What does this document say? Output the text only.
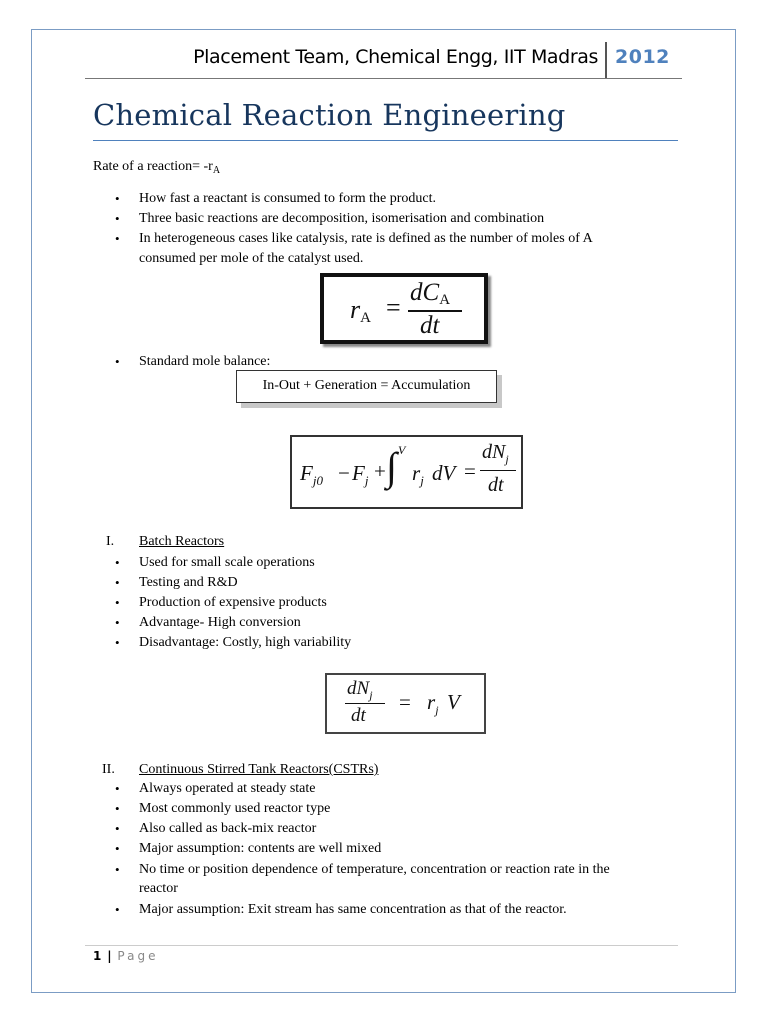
Placement Team, Chemical Engg, IIT Madras 2012
Chemical Reaction Engineering
Rate of a reaction= $-r_A$
• How fast a reactant is consumed to form the product.
• Three basic reactions are decomposition, isomerisation and combination
• In heterogeneous cases like catalysis, rate is defined as the number of moles of A
consumed per mole of the catalyst used.
rA =
dCA
dt
• Standard mole balance:
In-Out + Generation = Accumulation
$F_{j0} - F_j$ + ∫ V
$r_j$ dV =
$dN_j$
dt
I. Batch Reactors
• Used for small scale operations
• Testing and R&D
• Production of expensive products
• Advantage- High conversion
• Disadvantage: Costly, high variability
$dN_j$
dt
= $r_j$ V
II. Continuous Stirred Tank Reactors(CSTRs)
• Always operated at steady state
• Most commonly used reactor type
• Also called as back-mix reactor
• Major assumption: contents are well mixed
• No time or position dependence of temperature, concentration or reaction rate in the
reactor
• Major assumption: Exit stream has same concentration as that of the reactor.
1 | Page
